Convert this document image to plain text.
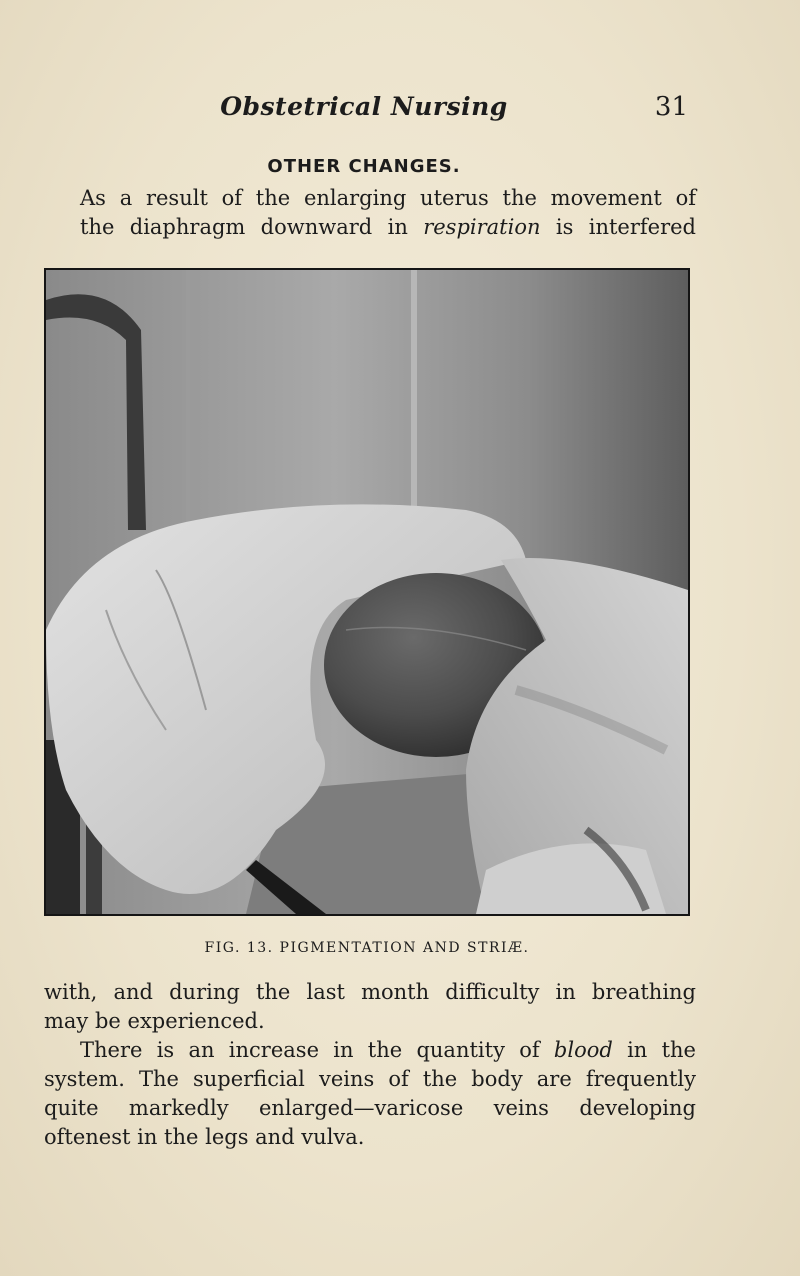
Obstetrical Nursing	31
OTHER CHANGES.

As a result of the enlarging uterus the movement of
the diaphragm downward in respiration is interfered

FIG. 13. PIGMENTATION AND STRIÆ.

with, and during the last month difficulty in breathing
may be experienced.

There is an increase in the quantity of blood in the
system. The superficial veins of the body are frequently
quite markedly enlarged—varicose veins developing
oftenest in the legs and vulva.
